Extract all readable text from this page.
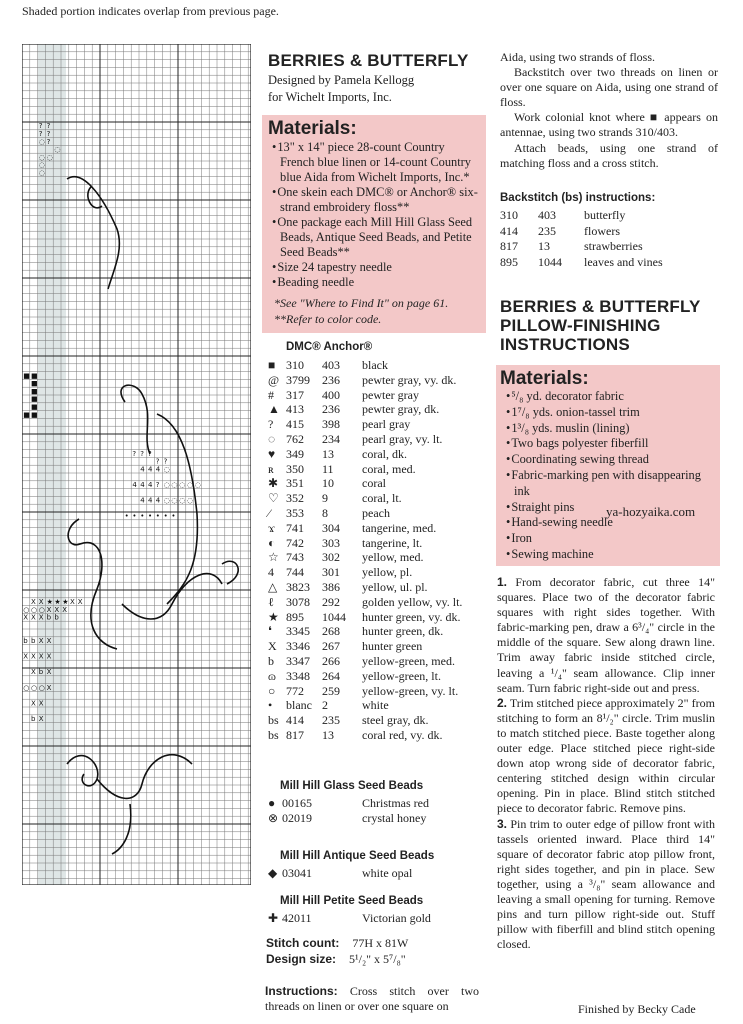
Shaded portion indicates overlap from previous page.
? ?
? ?
◌ ?
◌
◌ ◌
◌
◌
■ ■
■
■
■
■
■ ■
? ? ?
? ?
4 4 4 ◌
4 4 4 ? ◌ ◌ ◌ ◌ ◌
4 4 4 ◌ ◌ ◌ ◌
• • • • • • •
X X ★ ★ ★ X X
○ ○ ○ X X X
X X X b b
b b X X
X X X X
X b X
○ ○ ○ X
X X
b X
BERRIES & BUTTERFLY
Designed by Pamela Kellogg
for Wichelt Imports, Inc.
Materials:
• 13" x 14" piece 28-count Country French blue linen or 14-count Country blue Aida from Wichelt Imports, Inc.*
• One skein each DMC® or Anchor® six-strand embroidery floss**
• One package each Mill Hill Glass Seed Beads, Antique Seed Beads, and Petite Seed Beads**
• Size 24 tapestry needle
• Beading needle
*See "Where to Find It" on page 61.
**Refer to color code.
DMC® Anchor®
■	310	403	black
@	3799	236	pewter gray, vy. dk.
#	317	400	pewter gray
▲	413	236	pewter gray, dk.
?	415	398	pearl gray
◌	762	234	pearl gray, vy. lt.
♥	349	13	coral, dk.
ʀ	350	11	coral, med.
✱	351	10	coral
♡	352	9	coral, lt.
⁄	353	8	peach
ϫ	741	304	tangerine, med.
◐	742	303	tangerine, lt.
☆	743	302	yellow, med.
4	744	301	yellow, pl.
△	3823	386	yellow, ul. pl.
ℓ	3078	292	golden yellow, vy. lt.
★	895	1044	hunter green, vy. dk.
❛	3345	268	hunter green, dk.
X	3346	267	hunter green
b	3347	266	yellow-green, med.
ɷ	3348	264	yellow-green, lt.
○	772	259	yellow-green, vy. lt.
•	blanc	2	white
bs	414	235	steel gray, dk.
bs	817	13	coral red, vy. dk.
Mill Hill Glass Seed Beads
● 00165	Christmas red
⊗ 02019	crystal honey
Mill Hill Antique Seed Beads
◆ 03041	white opal
Mill Hill Petite Seed Beads
✚ 42011	Victorian gold
Stitch count: 77H x 81W
Design size: 5¹/₂" x 5⁷/₈"
Instructions: Cross stitch over two threads on linen or over one square on
Aida, using two strands of floss.
Backstitch over two threads on linen or over one square on Aida, using one strand of floss.
Work colonial knot where ■ appears on antennae, using two strands 310/403.
Attach beads, using one strand of matching floss and a cross stitch.
Backstitch (bs) instructions:
310	403	butterfly
414	235	flowers
817	13	strawberries
895	1044	leaves and vines
BERRIES & BUTTERFLY PILLOW-FINISHING INSTRUCTIONS
Materials:
• ⁵/₈ yd. decorator fabric
• 1⁷/₈ yds. onion-tassel trim
• 1³/₈ yds. muslin (lining)
• Two bags polyester fiberfill
• Coordinating sewing thread
• Fabric-marking pen with disappearing ink
• Straight pins
• Hand-sewing needle
• Iron
• Sewing machine
ya-hozyaika.com
1. From decorator fabric, cut three 14" squares. Place two of the decorator fabric squares with right sides together. With fabric-marking pen, draw a 6³/₄" circle in the middle of the square. Sew along drawn line. Trim away fabric inside stitched circle, leaving a ¹/₄" seam allowance. Clip inner seam. Turn fabric right-side out and press.
2. Trim stitched piece approximately 2" from stitching to form an 8¹/₂" circle. Trim muslin to match stitched piece. Baste together along outer edge. Place stitched piece right-side down atop wrong side of decorator fabric, centering stitched design within circular opening. Pin in place. Blind stitch stitched piece to decorator fabric. Remove pins.
3. Pin trim to outer edge of pillow front with tassels oriented inward. Place third 14" square of decorator fabric atop pillow front, right sides together, and pin in place. Sew together, using a ³/₈" seam allowance and leaving a small opening for turning. Remove pins and turn pillow right-side out. Stuff pillow with fiberfill and blind stitch opening closed.
Finished by Becky Cade
